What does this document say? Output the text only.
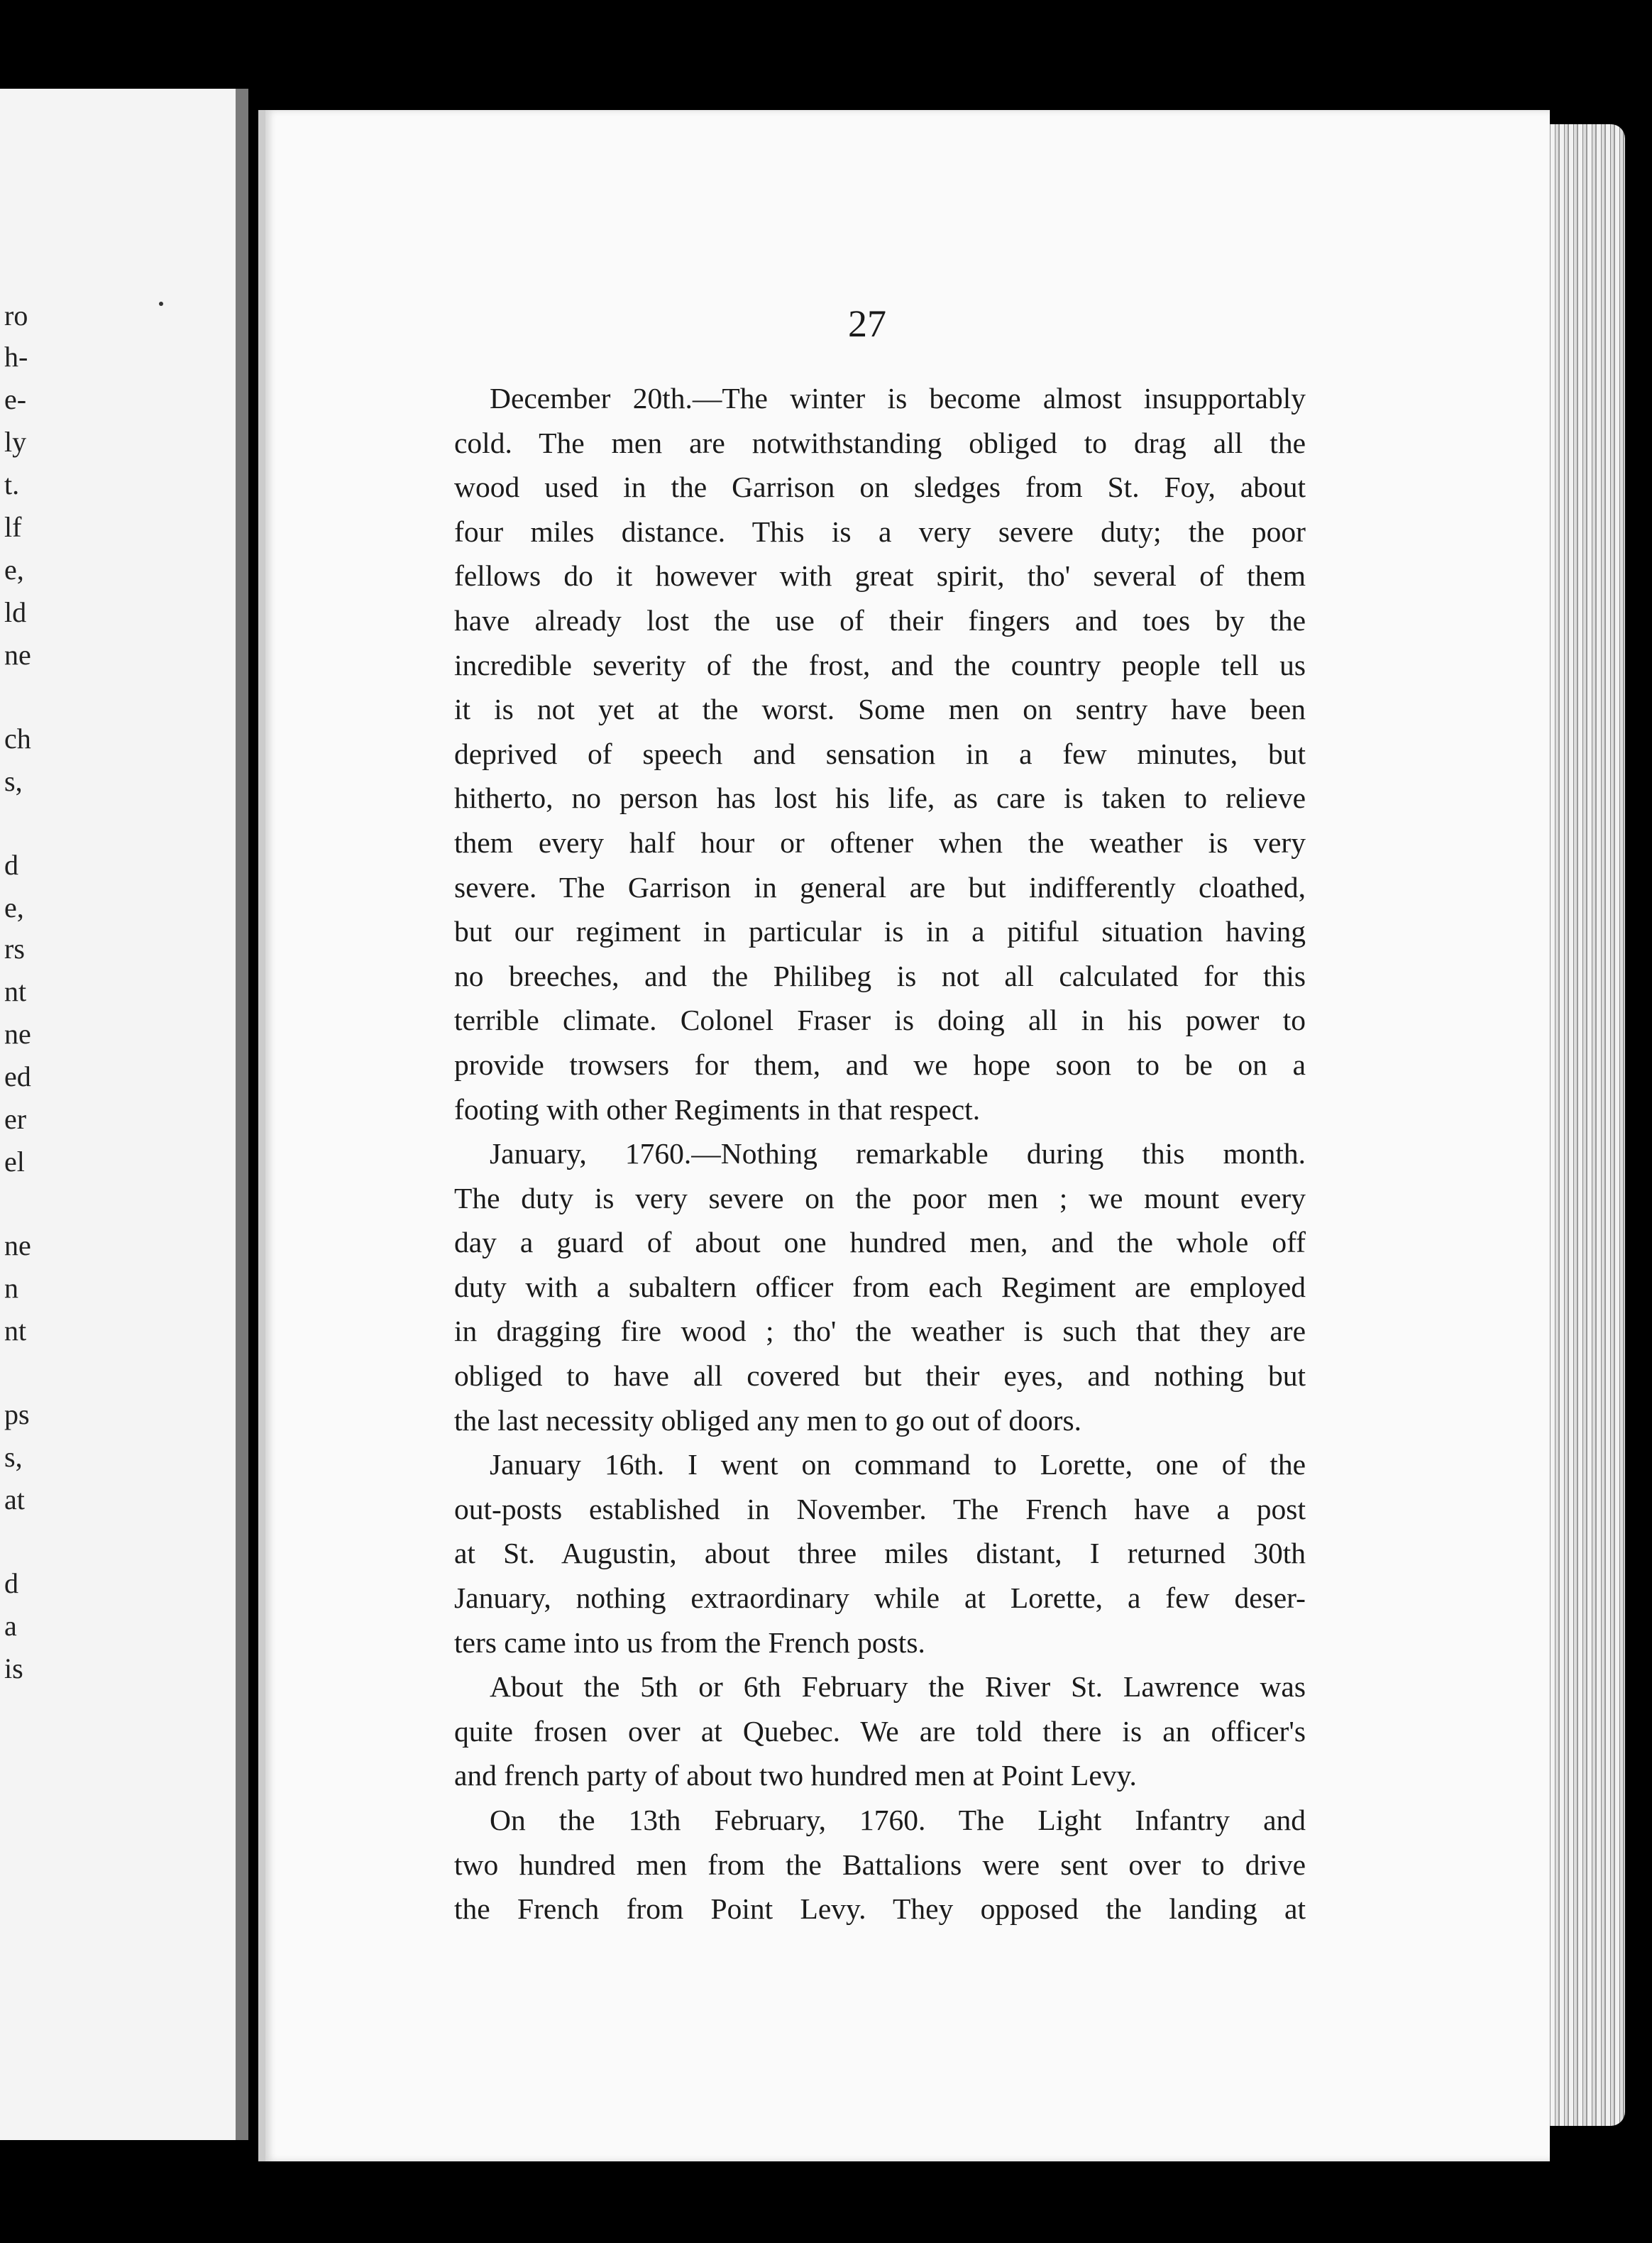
ro
h-
e-
ly
t.
lf
e,
ld
ne
ch
s,
d
e,
rs
nt
ne
ed
er
el
ne
n
nt
ps
s,
at
d
a
is
27
December 20th.—The winter is become almost insupportably
cold. The men are notwithstanding obliged to drag all the
wood used in the Garrison on sledges from St. Foy, about
four miles distance. This is a very severe duty; the poor
fellows do it however with great spirit, tho' several of them
have already lost the use of their fingers and toes by the
incredible severity of the frost, and the country people tell us
it is not yet at the worst. Some men on sentry have been
deprived of speech and sensation in a few minutes, but
hitherto, no person has lost his life, as care is taken to relieve
them every half hour or oftener when the weather is very
severe. The Garrison in general are but indifferently cloathed,
but our regiment in particular is in a pitiful situation having
no breeches, and the Philibeg is not all calculated for this
terrible climate. Colonel Fraser is doing all in his power to
provide trowsers for them, and we hope soon to be on a
footing with other Regiments in that respect.
January, 1760.—Nothing remarkable during this month.
The duty is very severe on the poor men ; we mount every
day a guard of about one hundred men, and the whole off
duty with a subaltern officer from each Regiment are employed
in dragging fire wood ; tho' the weather is such that they are
obliged to have all covered but their eyes, and nothing but
the last necessity obliged any men to go out of doors.
January 16th. I went on command to Lorette, one of the
out-posts established in November. The French have a post
at St. Augustin, about three miles distant, I returned 30th
January, nothing extraordinary while at Lorette, a few deser-
ters came into us from the French posts.
About the 5th or 6th February the River St. Lawrence was
quite frosen over at Quebec. We are told there is an officer's
and french party of about two hundred men at Point Levy.
On the 13th February, 1760. The Light Infantry and
two hundred men from the Battalions were sent over to drive
the French from Point Levy. They opposed the landing at
